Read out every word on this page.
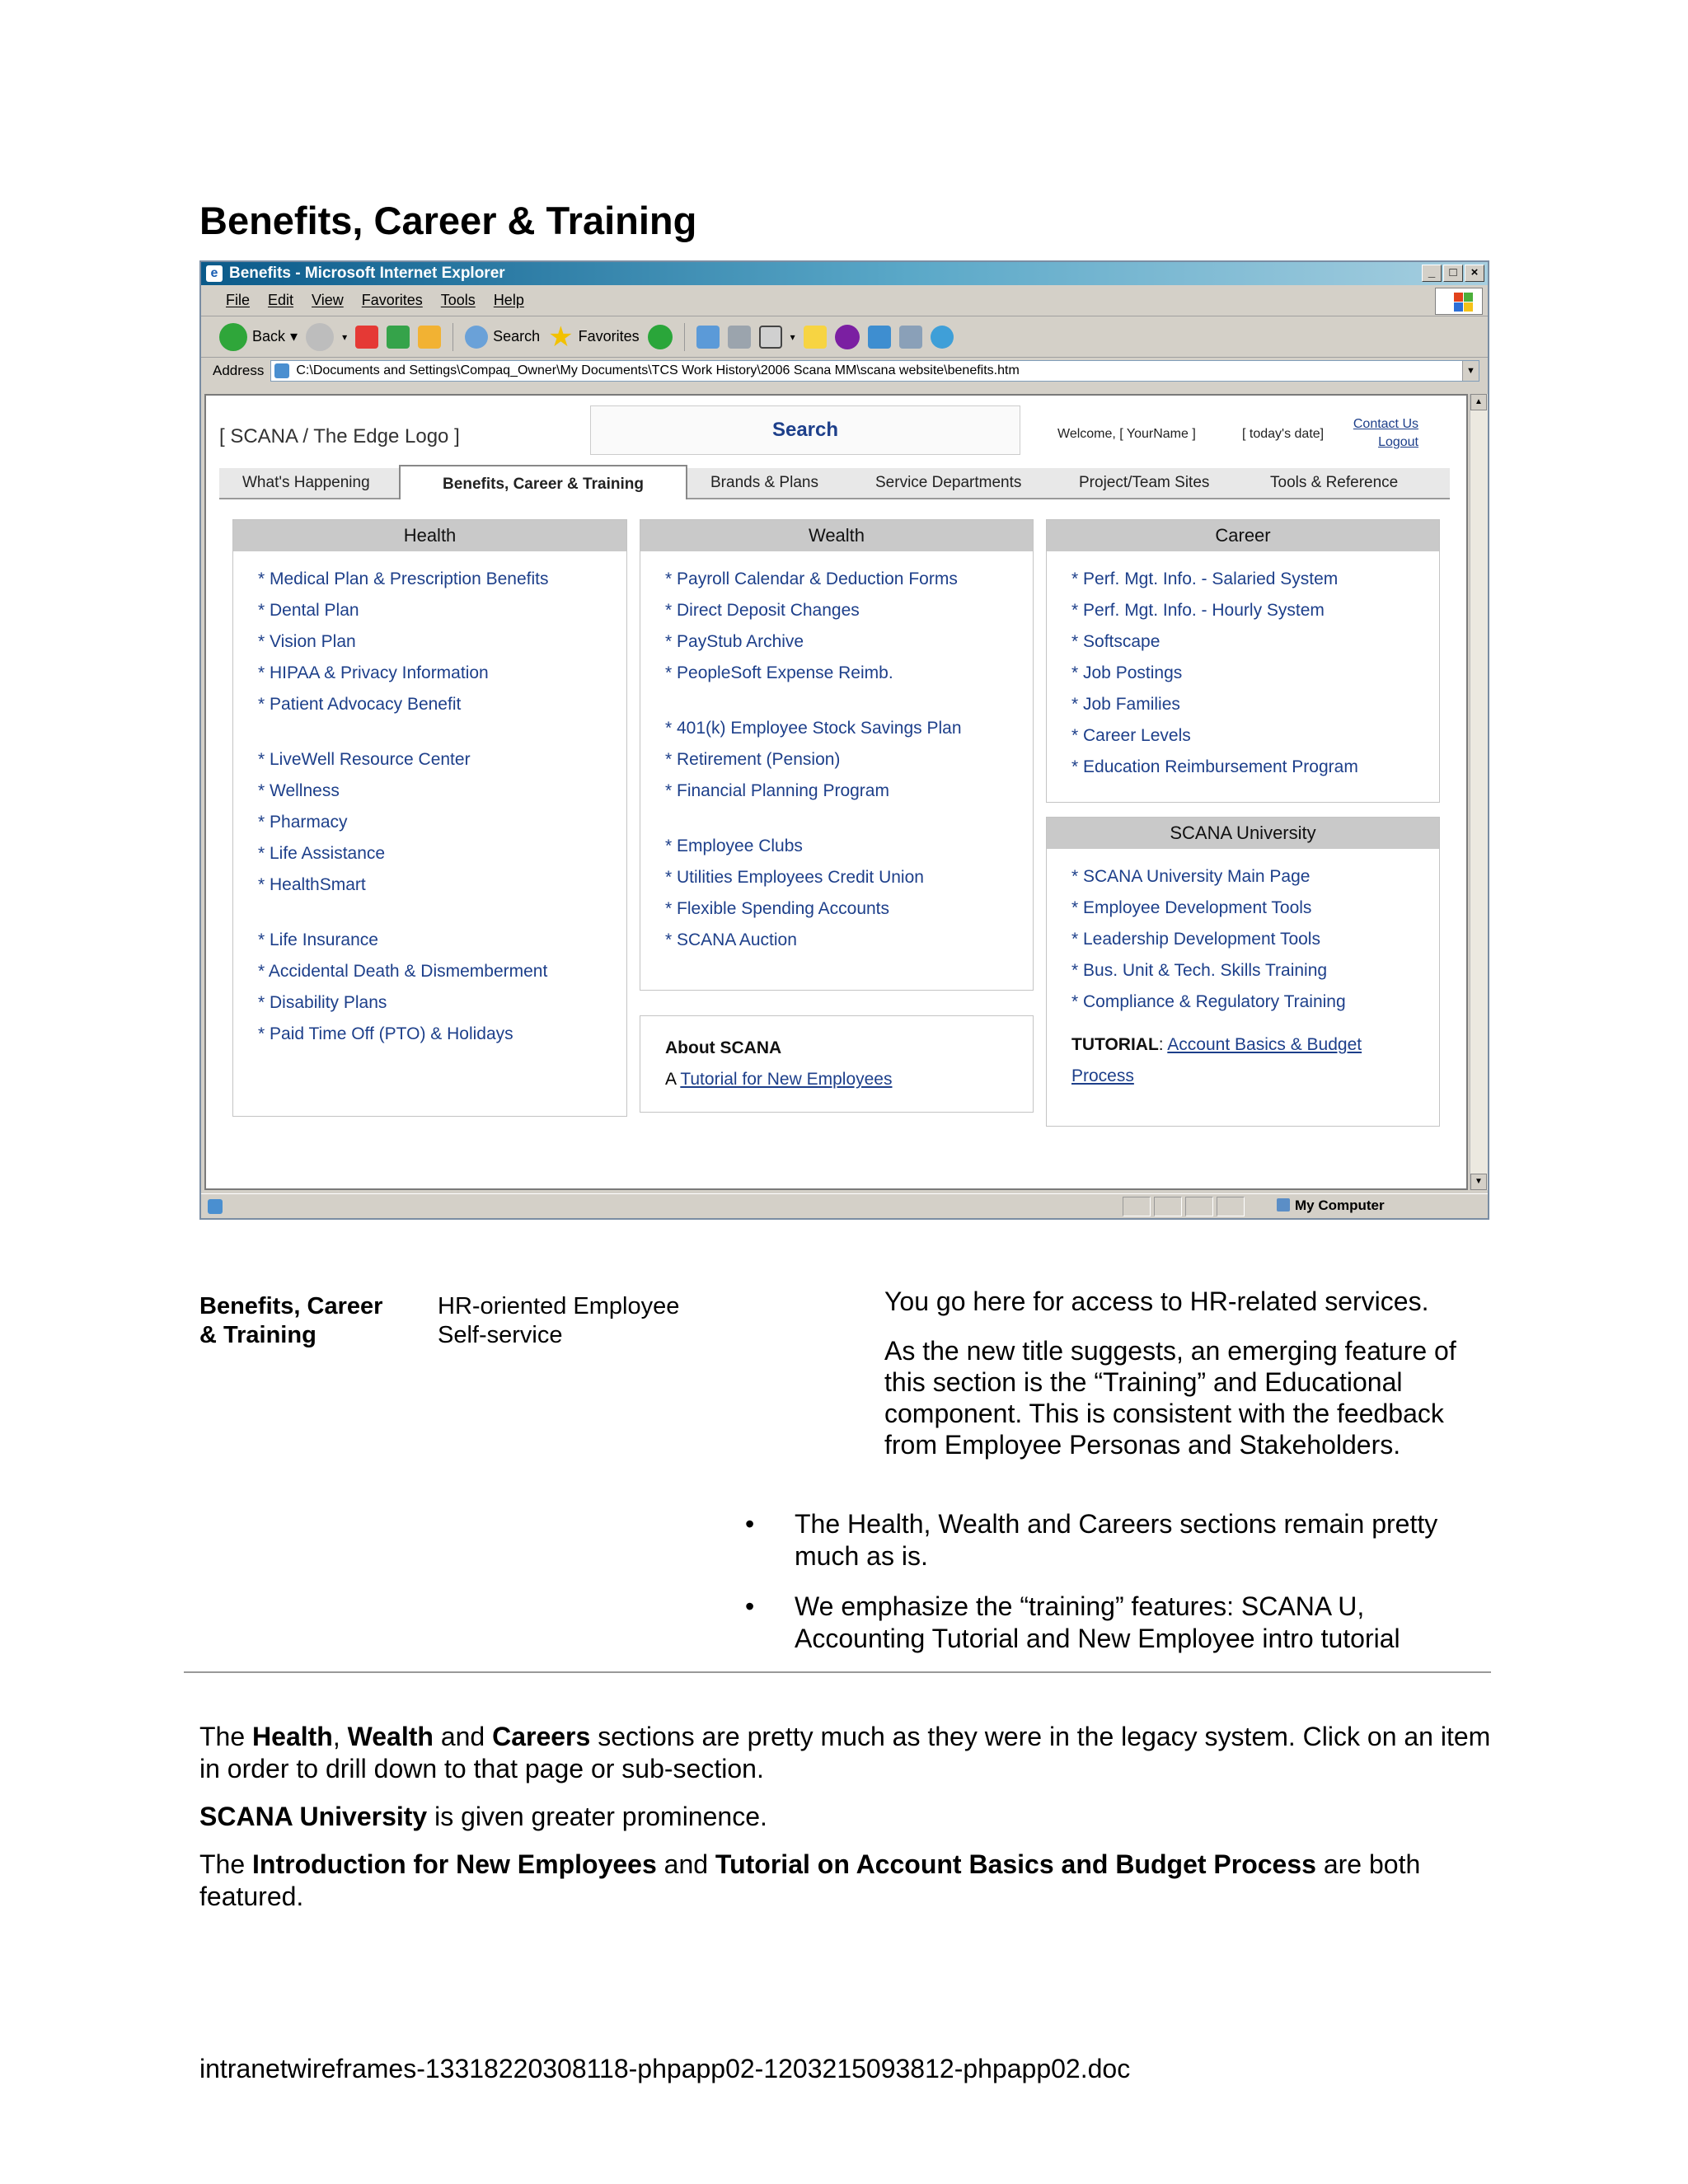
Benefits, Career & Training
e Benefits - Microsoft Internet Explorer	_	□	×
File Edit View Favorites Tools Help
Back ▾	▾	Search ★ Favorites	▾
Address	C:\Documents and Settings\Compaq_Owner\My Documents\TCS Work History\2006 Scana MM\scana website\benefits.htm	▼
[ SCANA / The Edge Logo ]	Search	Welcome, [ YourName ]	[ today's date]
Contact Us
Logout
What's Happening	Benefits, Career & Training	Brands & Plans	Service Departments	Project/Team Sites	Tools & Reference
Health
* Medical Plan & Prescription Benefits
* Dental Plan
* Vision Plan
* HIPAA & Privacy Information
* Patient Advocacy Benefit
* LiveWell Resource Center
* Wellness
* Pharmacy
* Life Assistance
* HealthSmart
* Life Insurance
* Accidental Death & Dismemberment
* Disability Plans
* Paid Time Off (PTO) & Holidays
Wealth
* Payroll Calendar & Deduction Forms
* Direct Deposit Changes
* PayStub Archive
* PeopleSoft Expense Reimb.
* 401(k) Employee Stock Savings Plan
* Retirement (Pension)
* Financial Planning Program
* Employee Clubs
* Utilities Employees Credit Union
* Flexible Spending Accounts
* SCANA Auction
About SCANA
A Tutorial for New Employees
Career
* Perf. Mgt. Info. - Salaried System
* Perf. Mgt. Info. - Hourly System
* Softscape
* Job Postings
* Job Families
* Career Levels
* Education Reimbursement Program
SCANA University
* SCANA University Main Page
* Employee Development Tools
* Leadership Development Tools
* Bus. Unit & Tech. Skills Training
* Compliance & Regulatory Training
TUTORIAL: Account Basics & Budget Process
▲
▼
My Computer
Benefits, Career & Training
HR-oriented Employee Self-service

You go here for access to HR-related services.

As the new title suggests, an emerging feature of this section is the “Training” and Educational component. This is consistent with the feedback from Employee Personas and Stakeholders.

• The Health, Wealth and Careers sections remain pretty much as is.
• We emphasize the “training” features: SCANA U, Accounting Tutorial and New Employee intro tutorial
The Health, Wealth and Careers sections are pretty much as they were in the legacy system. Click on an item in order to drill down to that page or sub-section.
SCANA University is given greater prominence.
The Introduction for New Employees and Tutorial on Account Basics and Budget Process are both featured.
intranetwireframes-13318220308118-phpapp02-1203215093812-phpapp02.doc
